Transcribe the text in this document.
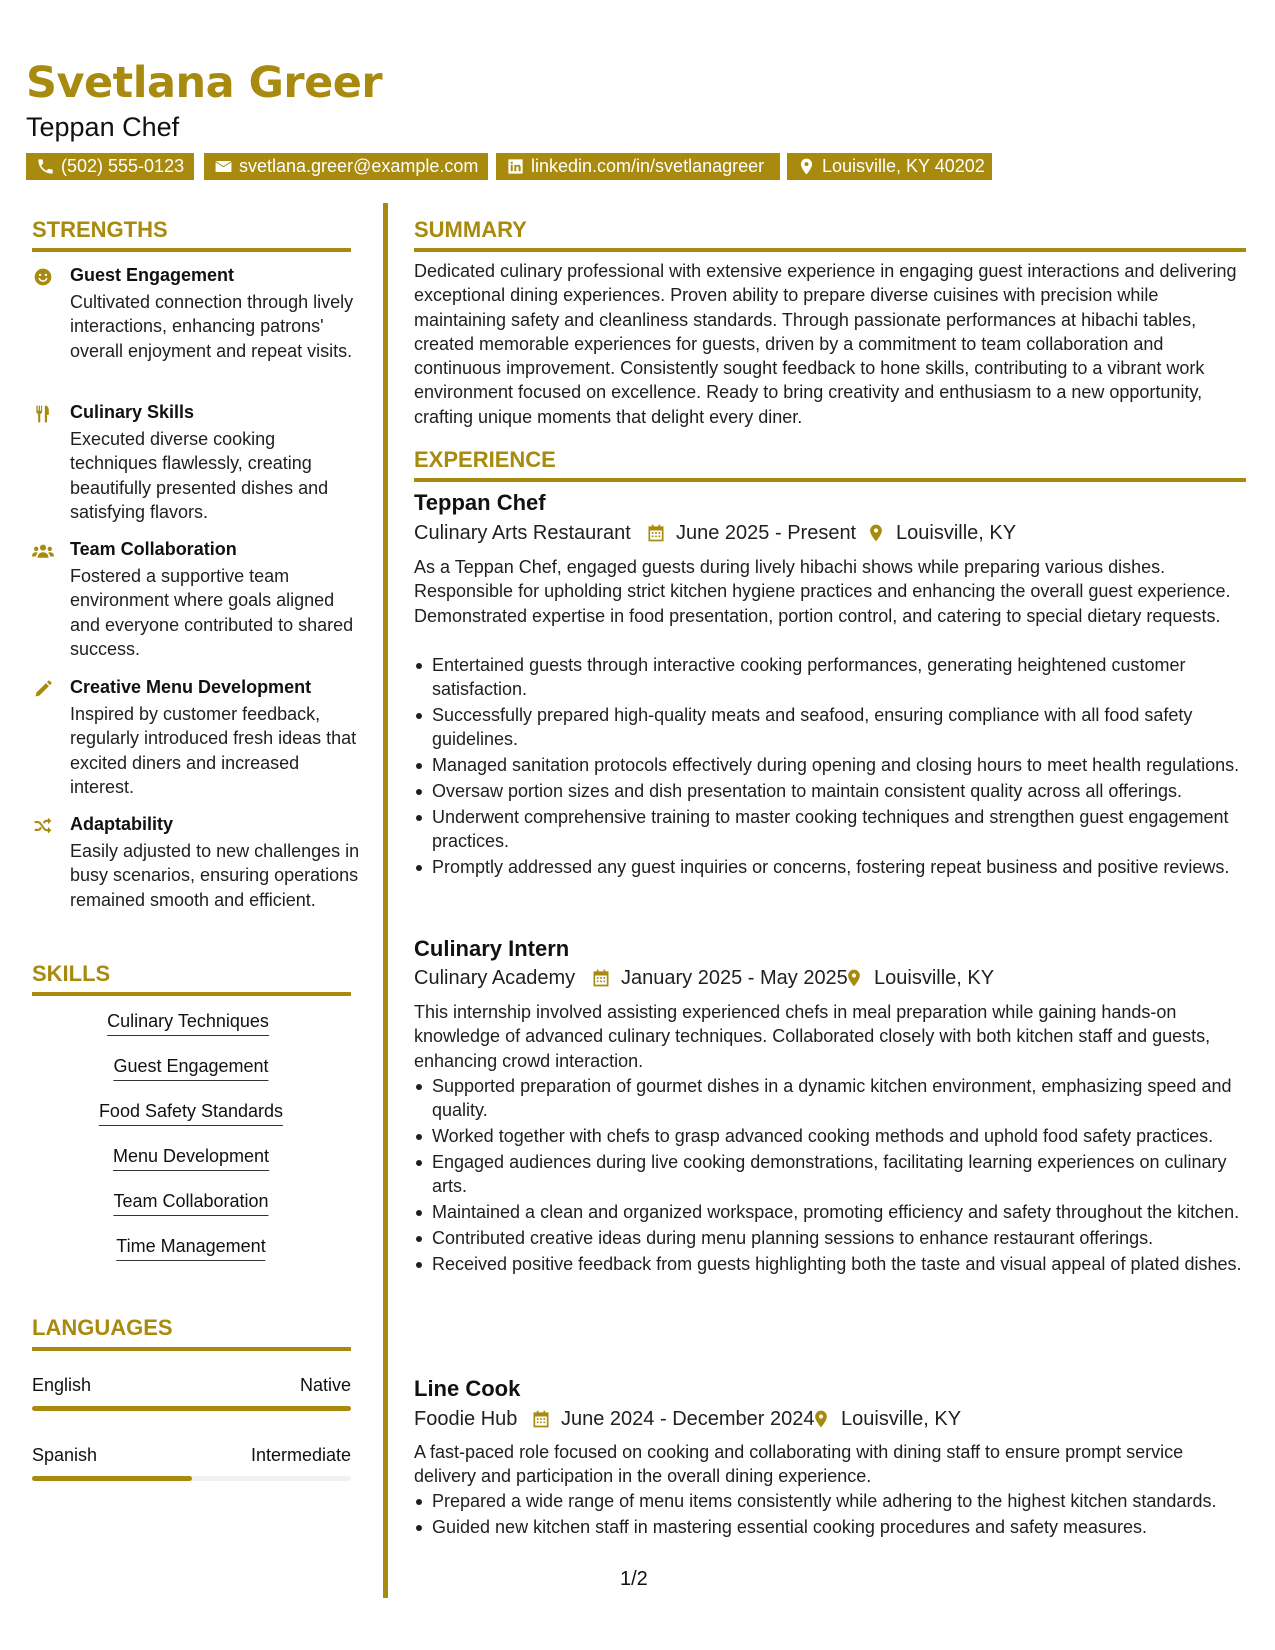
Svetlana Greer
Teppan Chef
(502) 555-0123	svetlana.greer@example.com	linkedin.com/in/svetlanagreer	Louisville, KY 40202
STRENGTHS
Guest Engagement
Cultivated connection through lively interactions, enhancing patrons' overall enjoyment and repeat visits.
Culinary Skills
Executed diverse cooking techniques flawlessly, creating beautifully presented dishes and satisfying flavors.
Team Collaboration
Fostered a supportive team environment where goals aligned and everyone contributed to shared success.
Creative Menu Development
Inspired by customer feedback, regularly introduced fresh ideas that excited diners and increased interest.
Adaptability
Easily adjusted to new challenges in busy scenarios, ensuring operations remained smooth and efficient.
SKILLS
Culinary Techniques
Guest Engagement
Food Safety Standards
Menu Development
Team Collaboration
Time Management
LANGUAGES
English	Native
Spanish	Intermediate
SUMMARY
Dedicated culinary professional with extensive experience in engaging guest interactions and delivering exceptional dining experiences. Proven ability to prepare diverse cuisines with precision while maintaining safety and cleanliness standards. Through passionate performances at hibachi tables, created memorable experiences for guests, driven by a commitment to team collaboration and continuous improvement. Consistently sought feedback to hone skills, contributing to a vibrant work environment focused on excellence. Ready to bring creativity and enthusiasm to a new opportunity, crafting unique moments that delight every diner.
EXPERIENCE
Teppan Chef
Culinary Arts Restaurant June 2025 - Present Louisville, KY
As a Teppan Chef, engaged guests during lively hibachi shows while preparing various dishes. Responsible for upholding strict kitchen hygiene practices and enhancing the overall guest experience. Demonstrated expertise in food presentation, portion control, and catering to special dietary requests.
Entertained guests through interactive cooking performances, generating heightened customer satisfaction.
Successfully prepared high-quality meats and seafood, ensuring compliance with all food safety guidelines.
Managed sanitation protocols effectively during opening and closing hours to meet health regulations.
Oversaw portion sizes and dish presentation to maintain consistent quality across all offerings.
Underwent comprehensive training to master cooking techniques and strengthen guest engagement practices.
Promptly addressed any guest inquiries or concerns, fostering repeat business and positive reviews.
Culinary Intern
Culinary Academy January 2025 - May 2025 Louisville, KY
This internship involved assisting experienced chefs in meal preparation while gaining hands-on knowledge of advanced culinary techniques. Collaborated closely with both kitchen staff and guests, enhancing crowd interaction.
Supported preparation of gourmet dishes in a dynamic kitchen environment, emphasizing speed and quality.
Worked together with chefs to grasp advanced cooking methods and uphold food safety practices.
Engaged audiences during live cooking demonstrations, facilitating learning experiences on culinary arts.
Maintained a clean and organized workspace, promoting efficiency and safety throughout the kitchen.
Contributed creative ideas during menu planning sessions to enhance restaurant offerings.
Received positive feedback from guests highlighting both the taste and visual appeal of plated dishes.
Line Cook
Foodie Hub June 2024 - December 2024 Louisville, KY
A fast-paced role focused on cooking and collaborating with dining staff to ensure prompt service delivery and participation in the overall dining experience.
Prepared a wide range of menu items consistently while adhering to the highest kitchen standards.
Guided new kitchen staff in mastering essential cooking procedures and safety measures.
1/2
